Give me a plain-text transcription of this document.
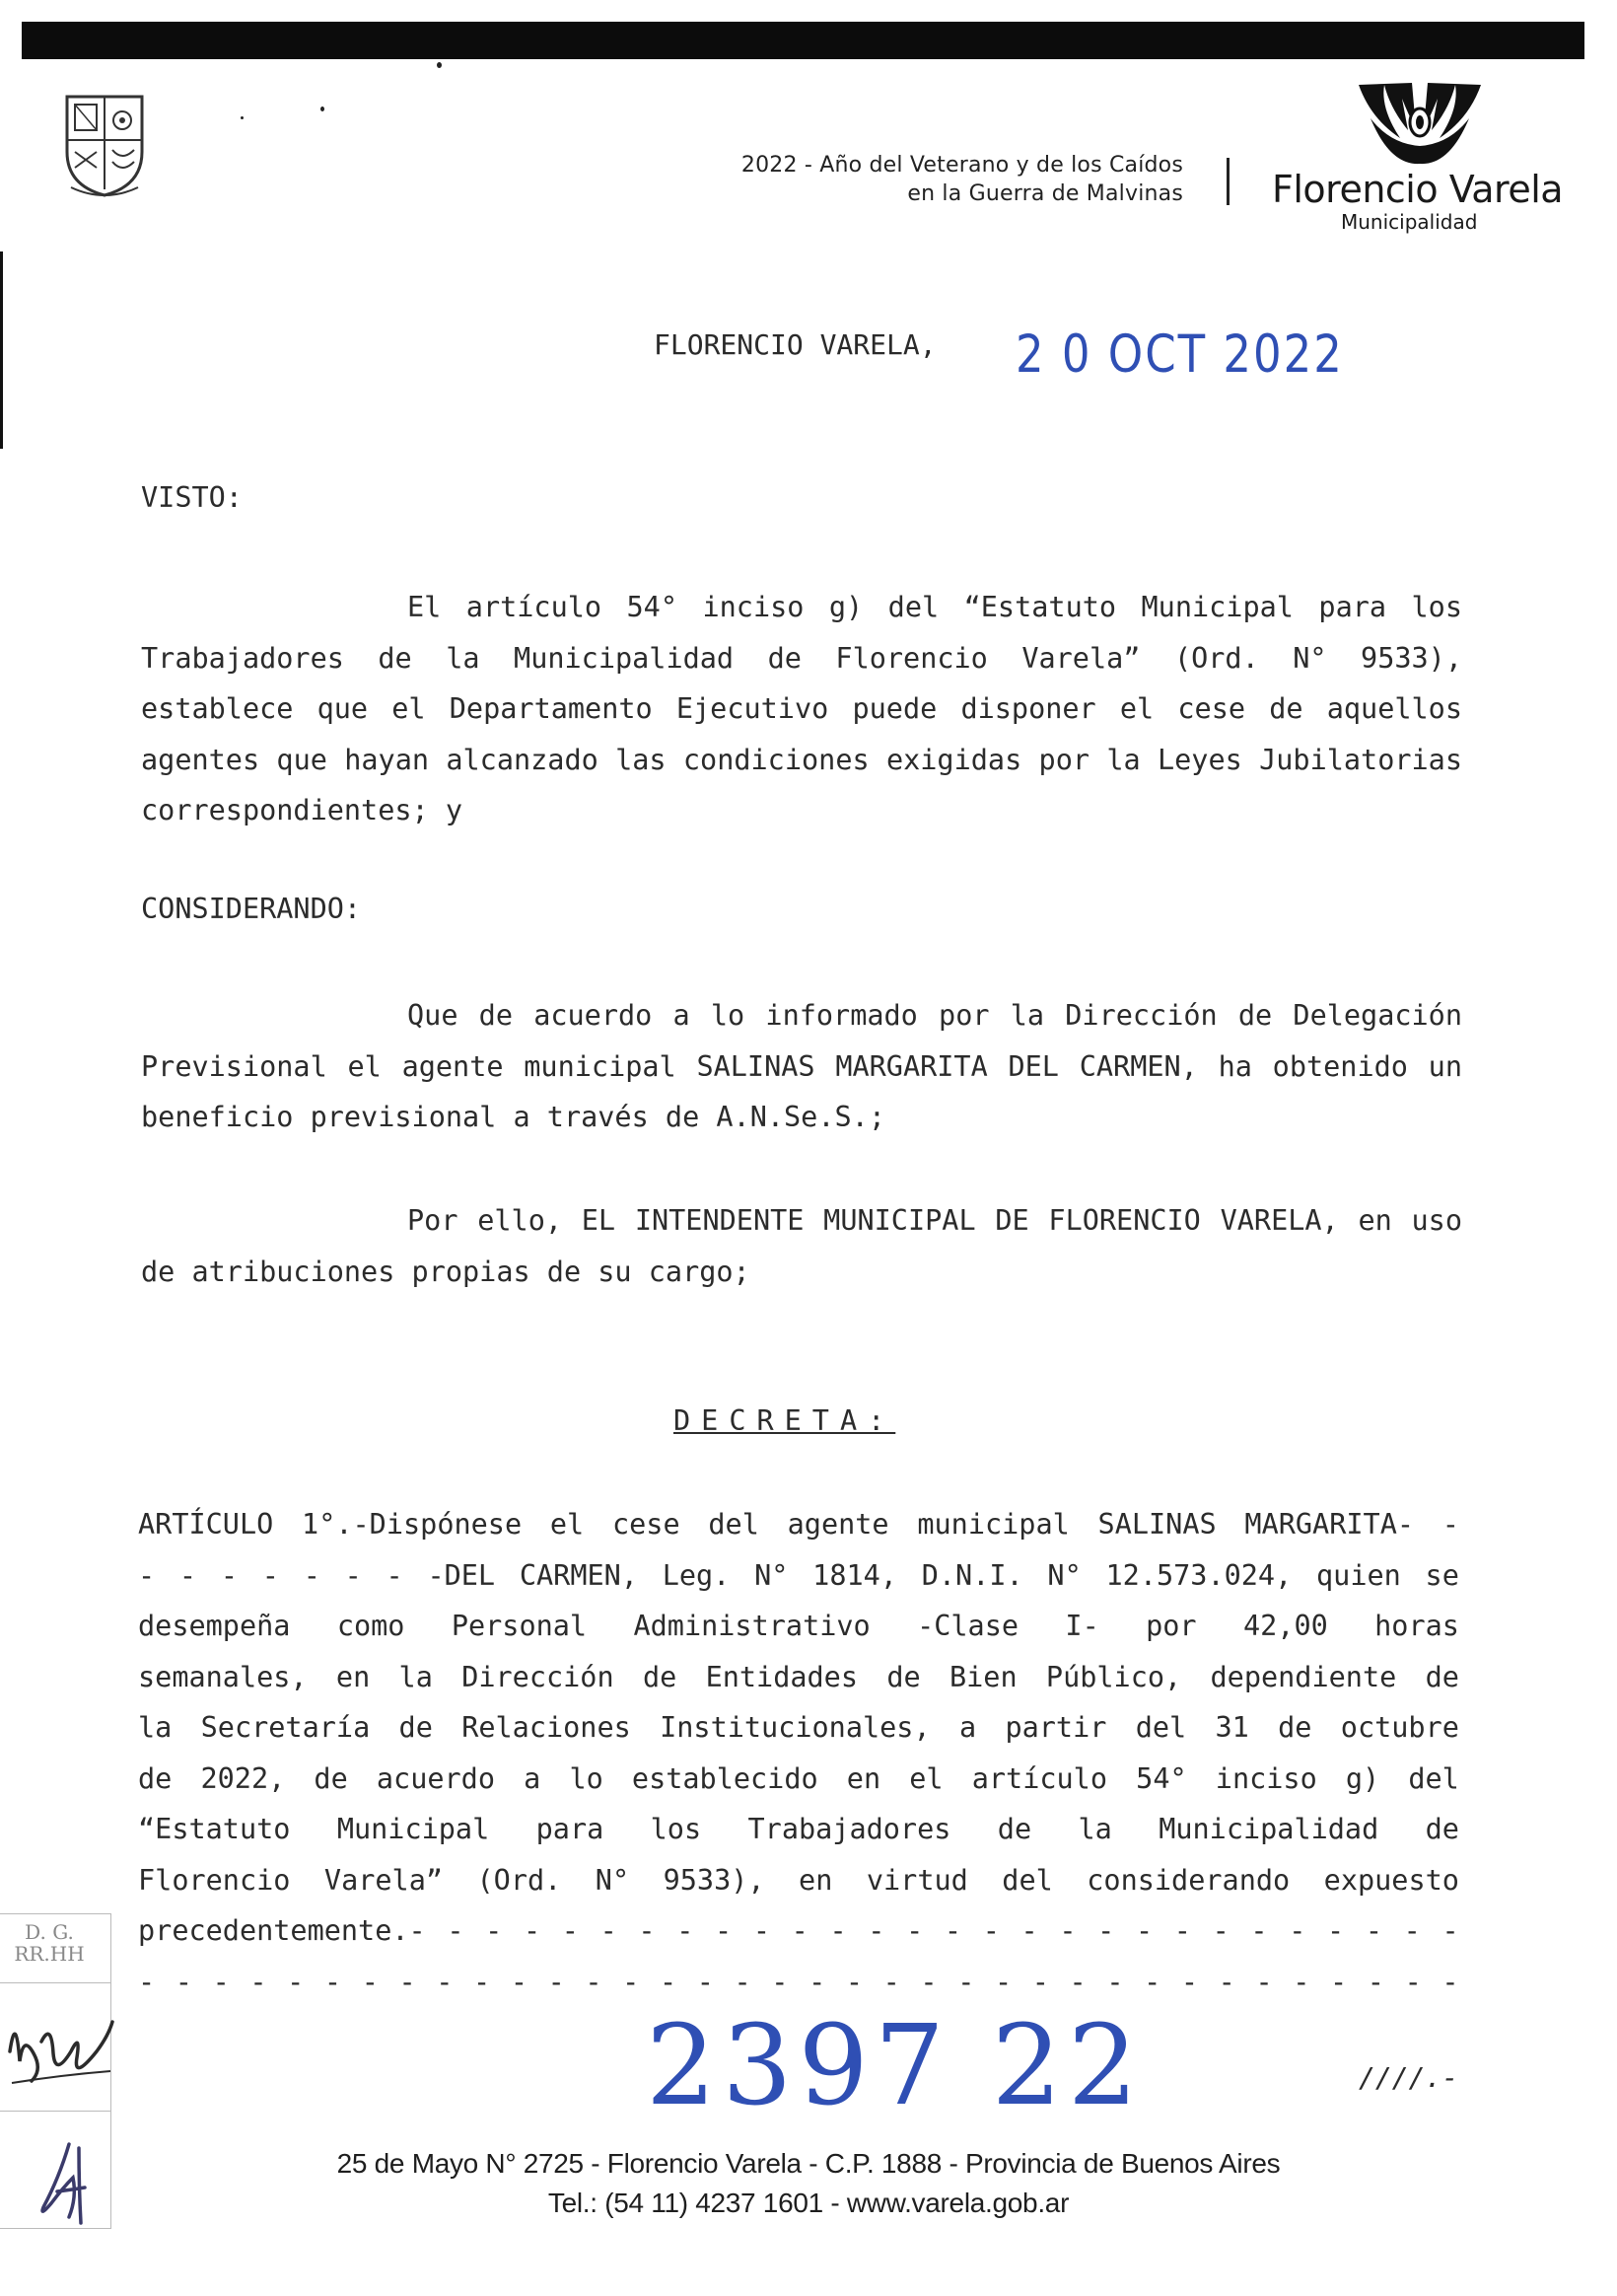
2022 - Año del Veterano y de los Caídos
en la Guerra de Malvinas Florencio Varela
Municipalidad
FLORENCIO VARELA, 2 0 OCT 2022
VISTO:
El artículo 54° inciso g) del “Estatuto Municipal para los Trabajadores de la Municipalidad de Florencio Varela” (Ord. N° 9533), establece que el Departamento Ejecutivo puede disponer el cese de aquellos agentes que hayan alcanzado las condiciones exigidas por la Leyes Jubilatorias correspondientes; y
CONSIDERANDO:
Que de acuerdo a lo informado por la Dirección de Delegación Previsional el agente municipal SALINAS MARGARITA DEL CARMEN, ha obtenido un beneficio previsional a través de A.N.Se.S.;
Por ello, EL INTENDENTE MUNICIPAL DE FLORENCIO VARELA, en uso de atribuciones propias de su cargo;
DECRETA:
ARTÍCULO 1°.-Dispónese el cese del agente municipal SALINAS MARGARITA- -
- - - - - - - -DEL CARMEN, Leg. N° 1814, D.N.I. N° 12.573.024, quien se
desempeña como Personal Administrativo -Clase I- por 42,00 horas
semanales, en la Dirección de Entidades de Bien Público, dependiente de
la Secretaría de Relaciones Institucionales, a partir del 31 de octubre
de 2022, de acuerdo a lo establecido en el artículo 54° inciso g) del
“Estatuto Municipal para los Trabajadores de la Municipalidad de
Florencio Varela” (Ord. N° 9533), en virtud del considerando expuesto
precedentemente.- - - - - - - - - - - - - - - - - - - - - - - - - - - -
- - - - - - - - - - - - - - - - - - - - - - - - - - - - - - - - - - - -
2397 22	////.-
D. G.
RR.HH
25 de Mayo N° 2725 - Florencio Varela - C.P. 1888 - Provincia de Buenos Aires
Tel.: (54 11) 4237 1601 - www.varela.gob.ar
